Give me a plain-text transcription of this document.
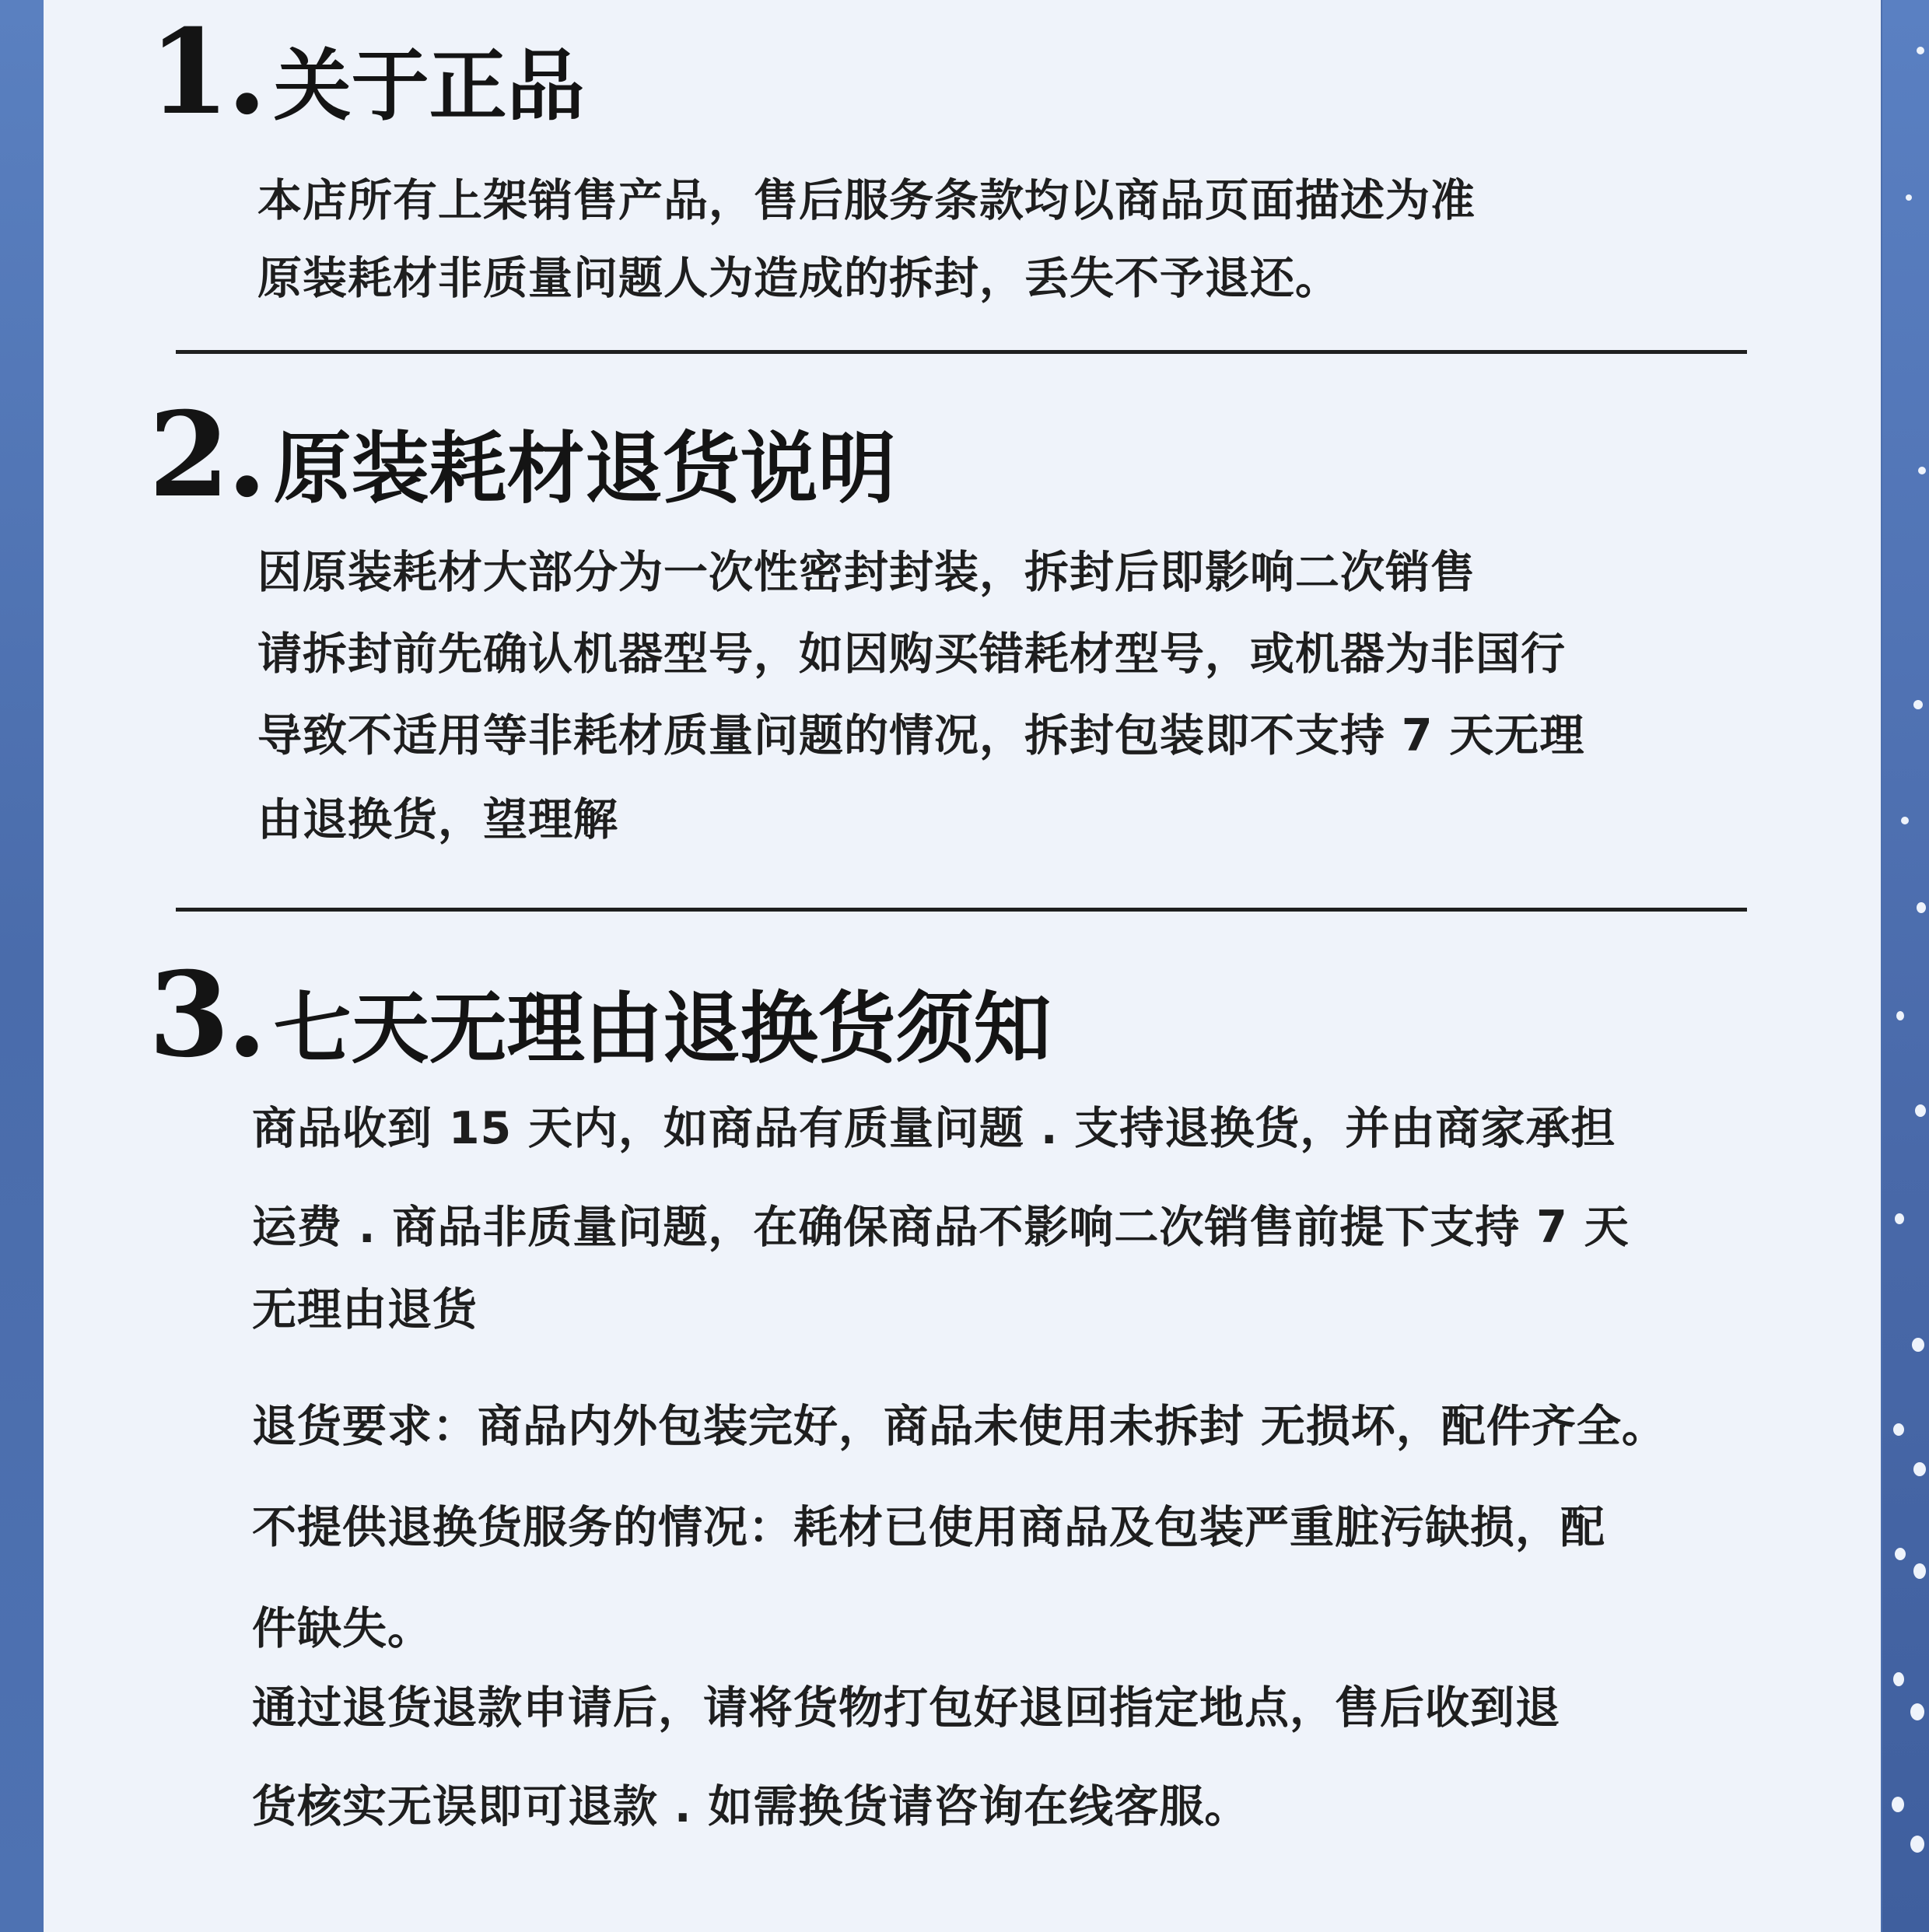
1 . 关于正品

本店所有上架销售产品，售后服务条款均以商品页面描述为准

原装耗材非质量问题人为造成的拆封，丢失不予退还。

2 . 原装耗材退货说明

因原装耗材大部分为一次性密封封装，拆封后即影响二次销售

请拆封前先确认机器型号，如因购买错耗材型号，或机器为非国行

导致不适用等非耗材质量问题的情况，拆封包装即不支持 7 天无理

由退换货，望理解

3 . 七天无理由退换货须知

商品收到 15 天内，如商品有质量问题 . 支持退换货，并由商家承担

运费 . 商品非质量问题，在确保商品不影响二次销售前提下支持 7 天

无理由退货

退货要求：商品内外包装完好，商品未使用未拆封 无损坏，配件齐全。

不提供退换货服务的情况：耗材已使用商品及包装严重脏污缺损，配

件缺失。

通过退货退款申请后，请将货物打包好退回指定地点，售后收到退

货核实无误即可退款 . 如需换货请咨询在线客服。
